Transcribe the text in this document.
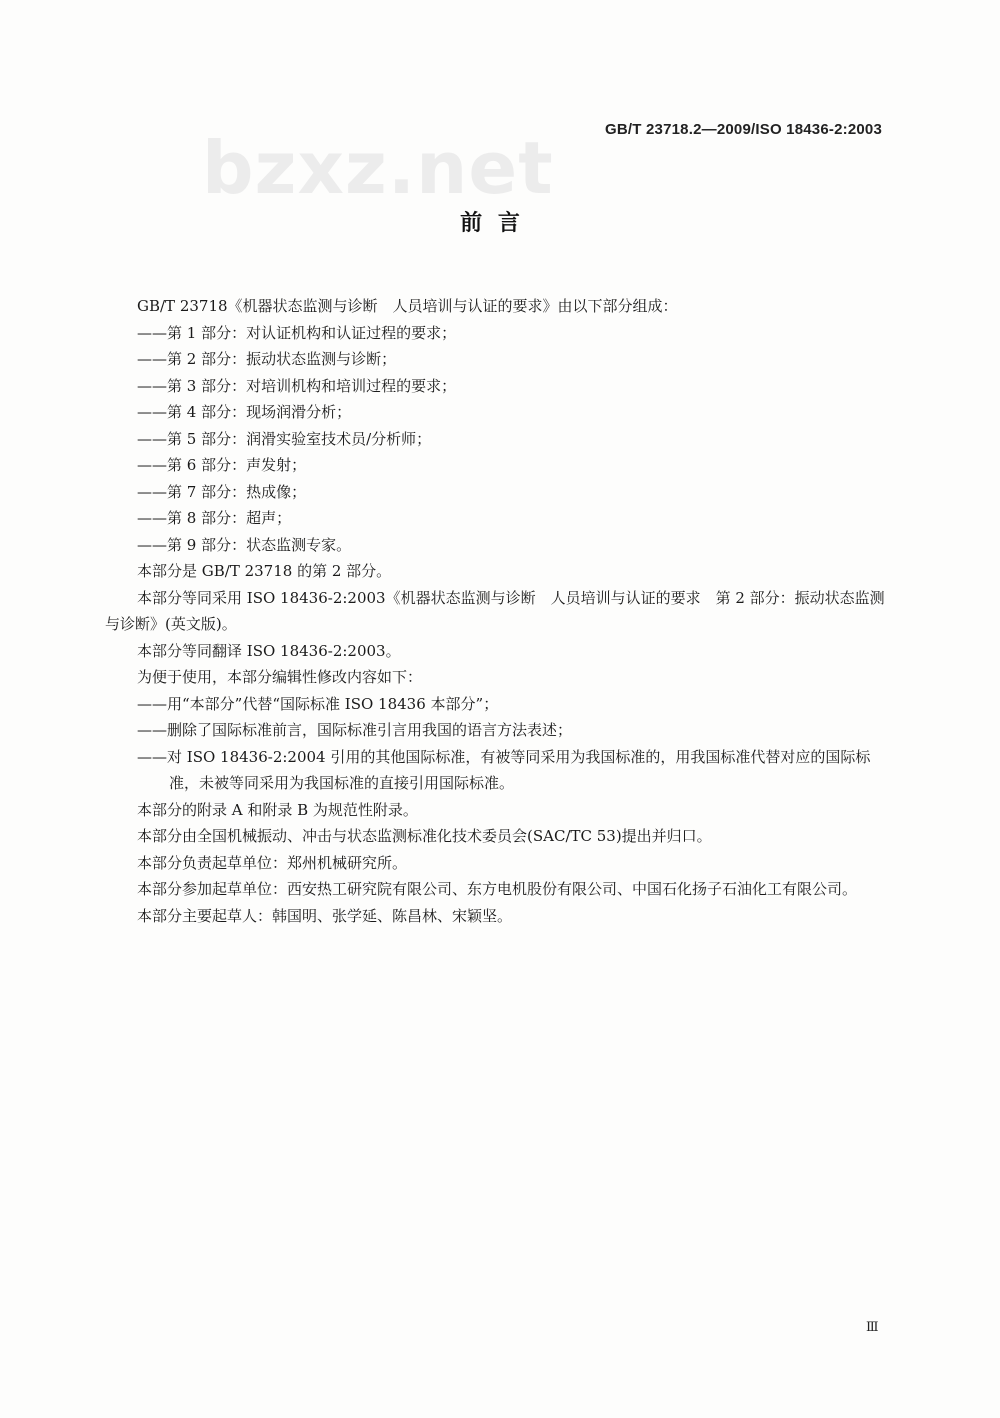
GB/T 23718.2—2009/ISO 18436-2:2003
bzxz.net
前 言

GB/T 23718《机器状态监测与诊断　人员培训与认证的要求》由以下部分组成：

——第 1 部分：对认证机构和认证过程的要求；

——第 2 部分：振动状态监测与诊断；

——第 3 部分：对培训机构和培训过程的要求；

——第 4 部分：现场润滑分析；

——第 5 部分：润滑实验室技术员/分析师；

——第 6 部分：声发射；

——第 7 部分：热成像；

——第 8 部分：超声；

——第 9 部分：状态监测专家。

本部分是 GB/T 23718 的第 2 部分。

本部分等同采用 ISO 18436-2:2003《机器状态监测与诊断　人员培训与认证的要求　第 2 部分：振动状态监测与诊断》(英文版)。

本部分等同翻译 ISO 18436-2:2003。

为便于使用，本部分编辑性修改内容如下：

——用“本部分”代替“国际标准 ISO 18436 本部分”；

——删除了国际标准前言，国际标准引言用我国的语言方法表述；

——对 ISO 18436-2:2004 引用的其他国际标准，有被等同采用为我国标准的，用我国标准代替对应的国际标准，未被等同采用为我国标准的直接引用国际标准。

本部分的附录 A 和附录 B 为规范性附录。

本部分由全国机械振动、冲击与状态监测标准化技术委员会(SAC/TC 53)提出并归口。

本部分负责起草单位：郑州机械研究所。

本部分参加起草单位：西安热工研究院有限公司、东方电机股份有限公司、中国石化扬子石油化工有限公司。

本部分主要起草人：韩国明、张学延、陈昌林、宋颖坚。

Ⅲ
